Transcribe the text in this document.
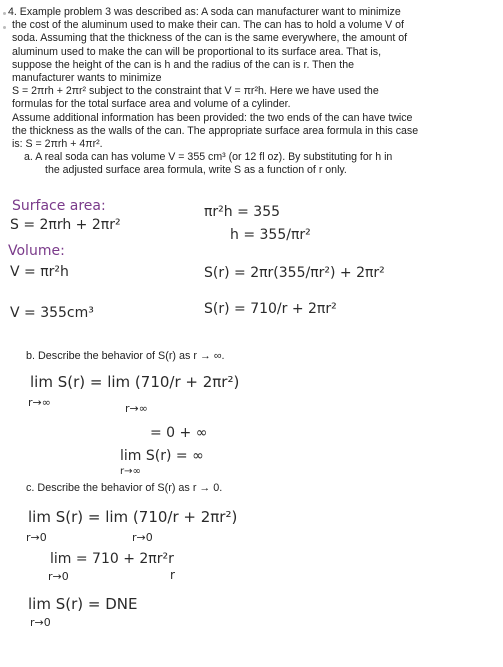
4. Example problem 3 was described as: A soda can manufacturer want to minimize

the cost of the aluminum used to make their can. The can has to hold a volume V of

soda. Assuming that the thickness of the can is the same everywhere, the amount of

aluminum used to make the can will be proportional to its surface area. That is,

suppose the height of the can is h and the radius of the can is r. Then the

manufacturer wants to minimize

S = 2πrh + 2πr² subject to the constraint that V = πr²h. Here we have used the

formulas for the total surface area and volume of a cylinder.

Assume additional information has been provided: the two ends of the can have twice

the thickness as the walls of the can. The appropriate surface area formula in this case

is: S = 2πrh + 4πr².

a. A real soda can has volume V = 355 cm³ (or 12 fl oz). By substituting for h in

the adjusted surface area formula, write S as a function of r only.

Surface area:
S = 2πrh + 2πr²
Volume:
V = πr²h
V = 355cm³
πr²h = 355
h = 355/πr²
S(r) = 2πr(355/πr²) + 2πr²
S(r) = 710/r + 2πr²
b. Describe the behavior of S(r) as r → ∞.
lim S(r) = lim (710/r + 2πr²)
r→∞	r→∞
= 0 + ∞
lim S(r) = ∞
r→∞
c. Describe the behavior of S(r) as r → 0.
lim S(r) = lim (710/r + 2πr²)
r→0	r→0
lim = 710 + 2πr²r
r
r→0
lim S(r) = DNE
r→0
